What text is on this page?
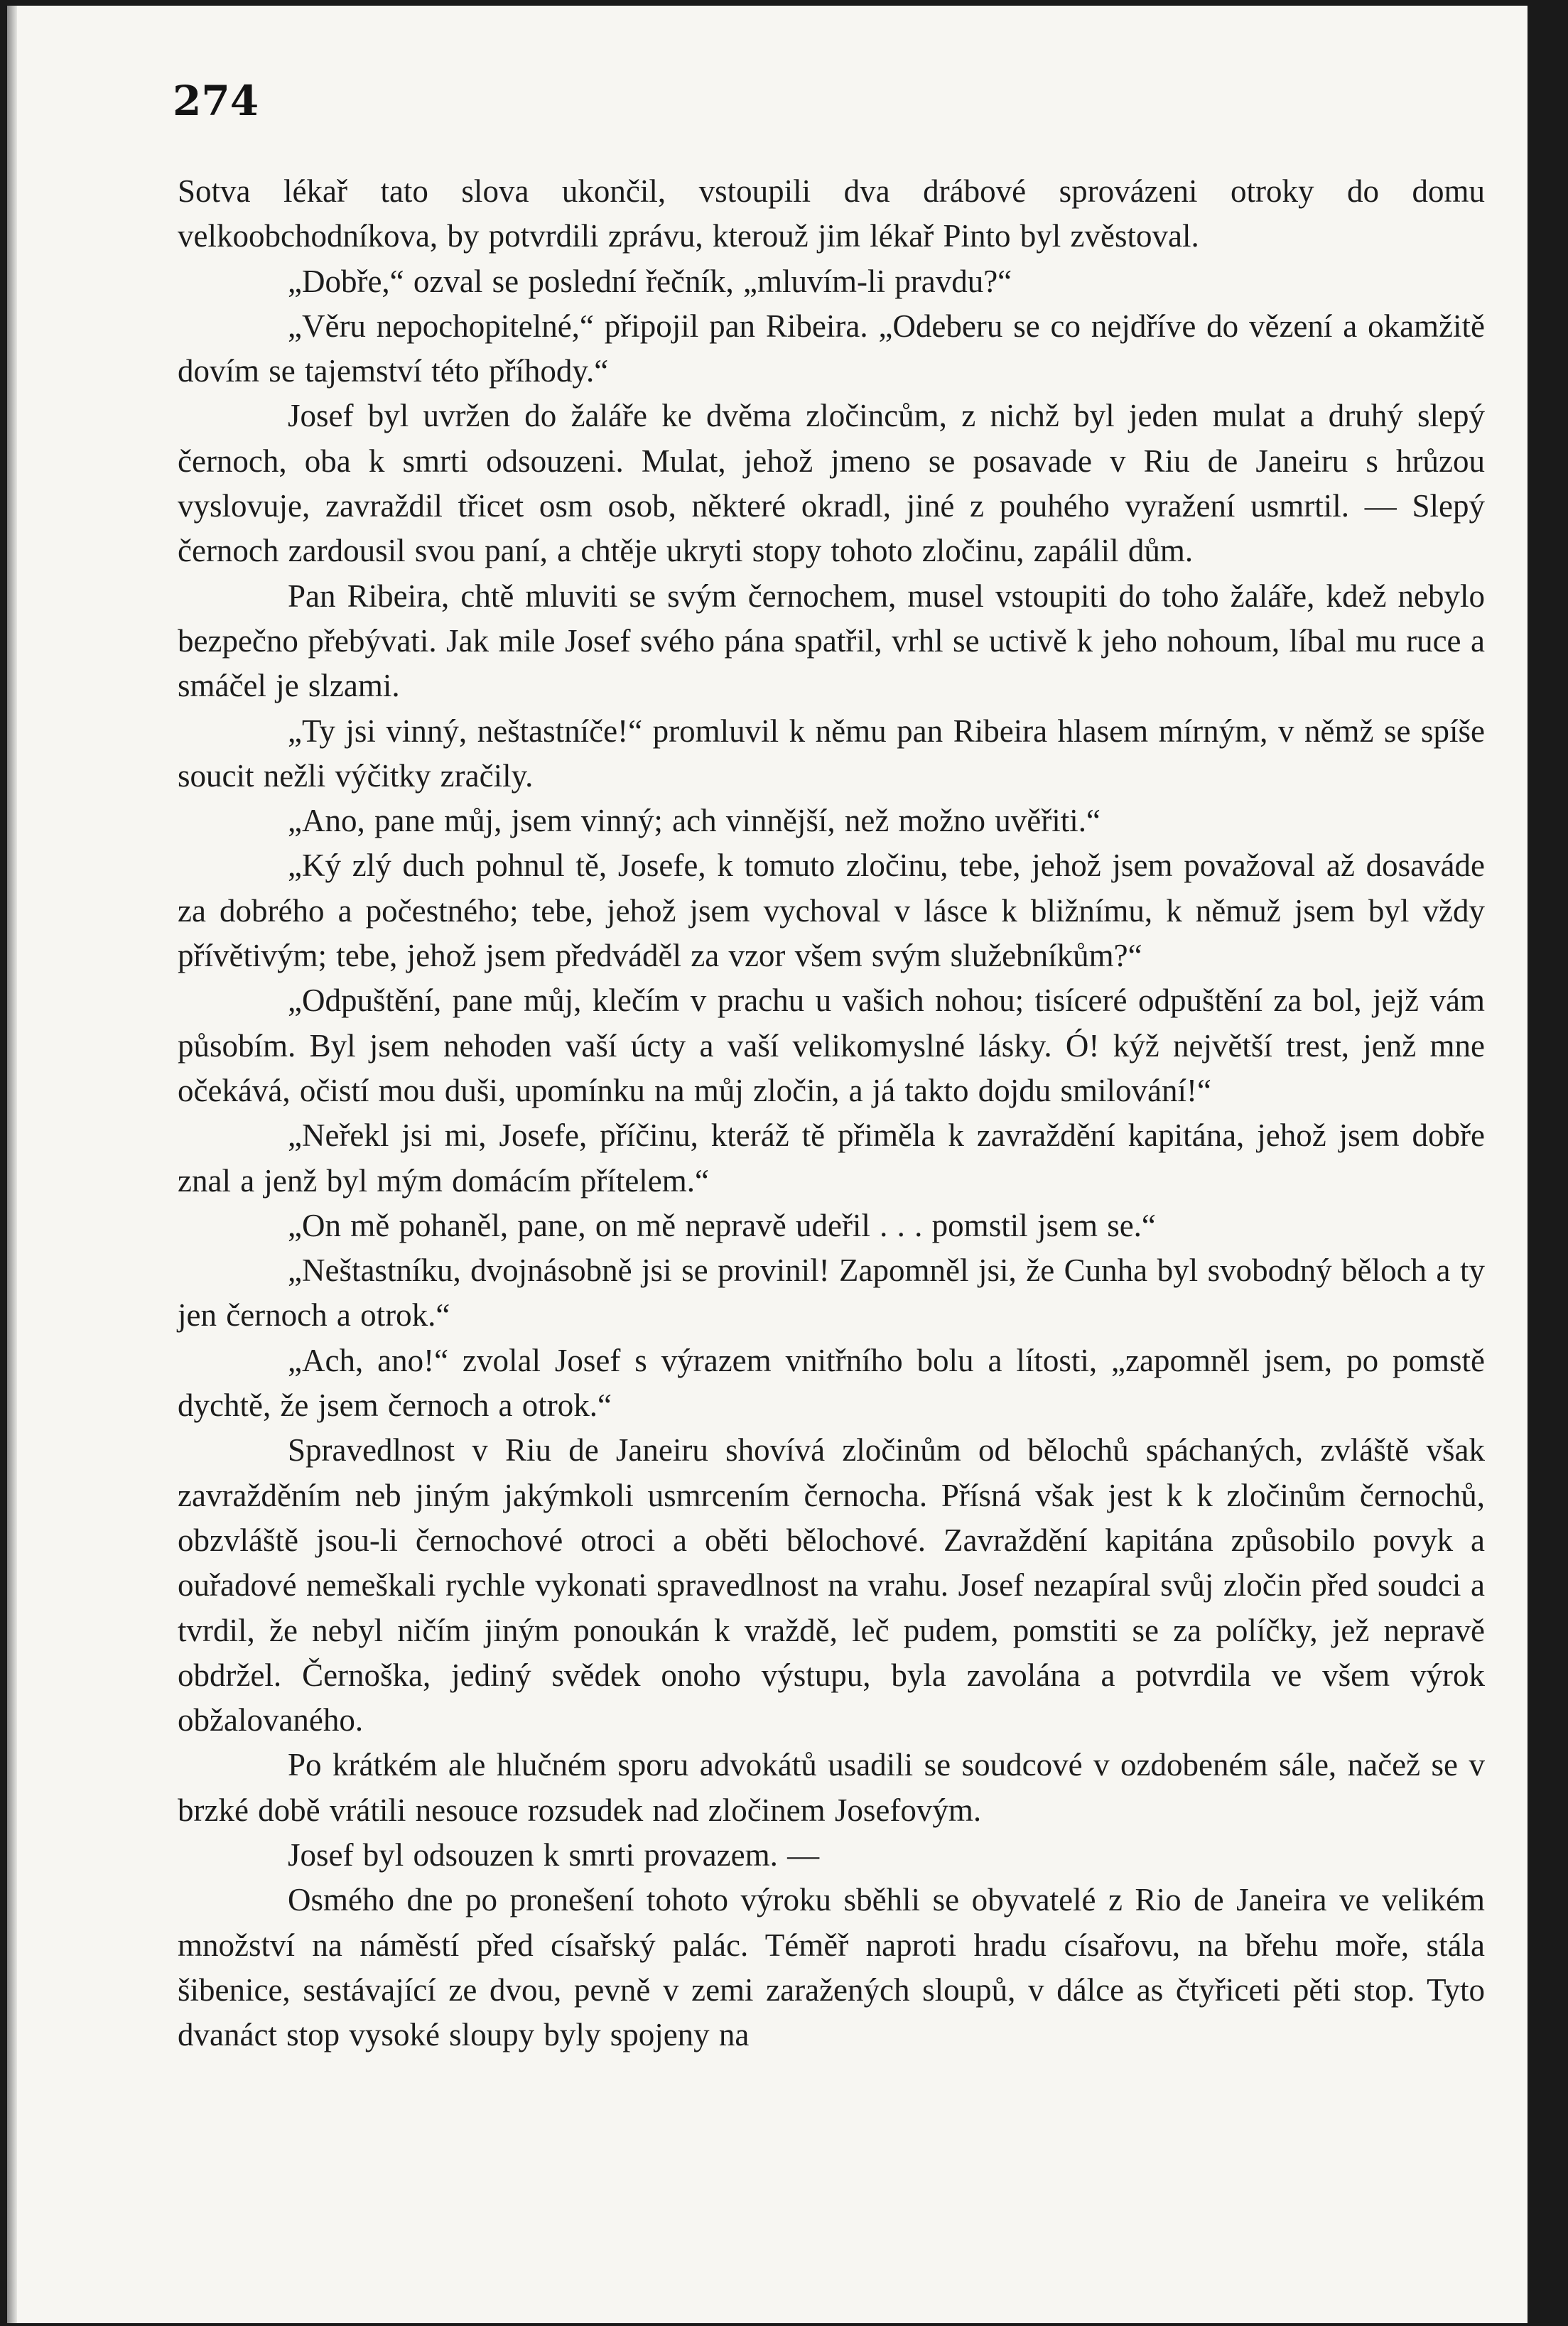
274

Sotva lékař tato slova ukončil, vstoupili dva drábové sprovázeni otroky do domu velkoobchodníkova, by potvrdili zprávu, kterouž jim lékař Pinto byl zvěstoval.

„Dobře,“ ozval se poslední řečník, „mluvím-li pravdu?“

„Věru nepochopitelné,“ připojil pan Ribeira. „Odeberu se co nejdříve do vězení a okamžitě dovím se tajemství této příhody.“

Josef byl uvržen do žaláře ke dvěma zločincům, z nichž byl jeden mulat a druhý slepý černoch, oba k smrti odsouzeni. Mulat, jehož jmeno se posavade v Riu de Janeiru s hrůzou vyslovuje, zavraždil třicet osm osob, některé okradl, jiné z pouhého vyražení usmrtil. — Slepý černoch zardousil svou paní, a chtěje ukryti stopy tohoto zločinu, zapálil dům.

Pan Ribeira, chtě mluviti se svým černochem, musel vstoupiti do toho žaláře, kdež nebylo bezpečno přebývati. Jak mile Josef svého pána spatřil, vrhl se uctivě k jeho nohoum, líbal mu ruce a smáčel je slzami.

„Ty jsi vinný, neštastníče!“ promluvil k němu pan Ribeira hlasem mírným, v němž se spíše soucit nežli výčitky zračily.

„Ano, pane můj, jsem vinný; ach vinnější, než možno uvěřiti.“

„Ký zlý duch pohnul tě, Josefe, k tomuto zločinu, tebe, jehož jsem považoval až dosaváde za dobrého a počestného; tebe, jehož jsem vychoval v lásce k bližnímu, k němuž jsem byl vždy přívětivým; tebe, jehož jsem předváděl za vzor všem svým služebníkům?“

„Odpuštění, pane můj, klečím v prachu u vašich nohou; tisíceré odpuštění za bol, jejž vám působím. Byl jsem nehoden vaší úcty a vaší velikomyslné lásky. Ó! kýž největší trest, jenž mne očekává, očistí mou duši, upomínku na můj zločin, a já takto dojdu smilování!“

„Neřekl jsi mi, Josefe, příčinu, kteráž tě přiměla k zavraždění kapitána, jehož jsem dobře znal a jenž byl mým domácím přítelem.“

„On mě pohaněl, pane, on mě nepravě udeřil . . . pomstil jsem se.“

„Neštastníku, dvojnásobně jsi se provinil! Zapomněl jsi, že Cunha byl svobodný běloch a ty jen černoch a otrok.“

„Ach, ano!“ zvolal Josef s výrazem vnitřního bolu a lítosti, „zapomněl jsem, po pomstě dychtě, že jsem černoch a otrok.“

Spravedlnost v Riu de Janeiru shovívá zločinům od bělochů spáchaných, zvláště však zavražděním neb jiným jakýmkoli usmrcením černocha. Přísná však jest k k zločinům černochů, obzvláště jsou-li černochové otroci a oběti bělochové. Zavraždění kapitána způsobilo povyk a ouřadové nemeškali rychle vykonati spravedlnost na vrahu. Josef nezapíral svůj zločin před soudci a tvrdil, že nebyl ničím jiným ponoukán k vraždě, leč pudem, pomstiti se za políčky, jež nepravě obdržel. Černoška, jediný svědek onoho výstupu, byla zavolána a potvrdila ve všem výrok obžalovaného.

Po krátkém ale hlučném sporu advokátů usadili se soudcové v ozdobeném sále, načež se v brzké době vrátili nesouce rozsudek nad zločinem Josefovým.

Josef byl odsouzen k smrti provazem. —

Osmého dne po pronešení tohoto výroku sběhli se obyvatelé z Rio de Janeira ve velikém množství na náměstí před císařský palác. Téměř naproti hradu císařovu, na břehu moře, stála šibenice, sestávající ze dvou, pevně v zemi zaražených sloupů, v dálce as čtyřiceti pěti stop. Tyto dvanáct stop vysoké sloupy byly spojeny na
